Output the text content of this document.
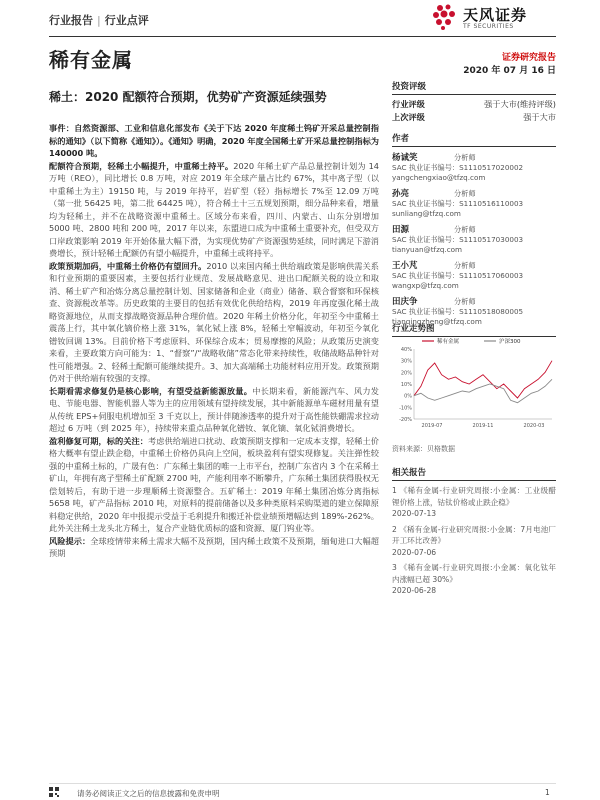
行业报告 | 行业点评	天风证券
TF SECURITIES
稀有金属	证券研究报告
2020 年 07 月 16 日
稀土：2020 配额符合预期，优势矿产资源延续强势

事件：自然资源部、工业和信息化部发布《关于下达 2020 年度稀土钨矿开采总量控制指标的通知》（以下简称《通知》）。《通知》明确，2020 年度全国稀土矿开采总量控制指标为 140000 吨。

配额符合预期，轻稀土小幅提升，中重稀土持平。2020 年稀土矿产品总量控制计划为 14 万吨（REO），同比增长 0.8 万吨，对应 2019 年全球产量占比约 67%，其中离子型（以中重稀土为主）19150 吨，与 2019 年持平，岩矿型（轻）指标增长 7%至 12.09 万吨（第一批 56425 吨，第二批 64425 吨），符合稀土十三五规划预期，细分品种来看，增量均为轻稀土，并不在战略资源中重稀土。区域分布来看，四川、内蒙古、山东分别增加 5000 吨、2800 吨和 200 吨，2017 年以来，东盟进口成为中重稀土重要补充，但受双方口岸政策影响 2019 年开始体量大幅下滑，为实现优势矿产资源强势延续，同时满足下游消费增长，预计轻稀土配额仍有望小幅提升，中重稀土或将持平。

政策预期加码，中重稀土价格仍有望回升。2010 以来国内稀土供给端政策是影响供需关系和行业预期的重要因素，主要包括行业规范、发展战略意见、进出口配额关税的设立和取消、稀土矿产和冶炼分离总量控制计划、国家储备和企业（商业）储备、联合督察和环保核查、资源税改革等。历史政策的主要目的包括有效优化供给结构，2019 年再度强化稀土战略资源地位，从而支撑战略资源品种合理价值。2020 年稀土价格分化，年初至今中重稀土震荡上行，其中氧化镝价格上涨 31%，氧化铽上涨 8%，轻稀土窄幅波动，年初至今氧化镨钕回调 13%。目前价格下考虑原料、环保综合成本；贸易摩擦的风险；从政策历史演变来看，主要政策方向可能为：1、“督察”/“战略收储”常态化带来持续性，收储战略品种针对性可能增强。2、轻稀土配额可能继续提升。3、加大高端稀土功能材料应用开发。政策预期仍对于供给端有较强的支撑。

长期看需求修复仍是核心影响，有望受益新能源放量。中长期来看，新能源汽车、风力发电、节能电器、智能机器人等为主的应用领域有望持续发展，其中新能源单车磁材用量有望从传统 EPS+伺服电机增加至 3 千克以上，预计伴随渗透率的提升对于高性能铁硼需求拉动超过 6 万吨（到 2025 年），持续带来重点品种氧化镨钕、氧化镝、氧化铽消费增长。

盈利修复可期，标的关注：考虑供给端进口扰动、政策预期支撑和一定成本支撑，轻稀土价格大概率有望止跌企稳，中重稀土价格仍具向上空间，板块盈利有望实现修复。关注弹性较强的中重稀土标的，广晟有色：广东稀土集团的唯一上市平台，控制广东省内 3 个在采稀土矿山，年拥有离子型稀土矿配额 2700 吨，产能利用率不断攀升，广东稀土集团获得股权无偿划转后，有助于进一步理顺稀土资源整合。五矿稀土：2019 年稀土集团冶炼分离指标 5658 吨，矿产品指标 2010 吨，对原料的提前储备以及多种类原料采购渠道的建立保障原料稳定供给，2020 年中报提示受益于毛利提升和搬迁补偿业绩预增幅达到 189%-262%。此外关注稀土龙头北方稀土，复合产业链优质标的盛和资源、厦门钨业等。

风险提示：全球疫情带来稀土需求大幅不及预期，国内稀土政策不及预期，缅甸进口大幅超预期

投资评级
行业评级	强于大市(维持评级)
上次评级	强于大市
作者
杨诚笑	分析师
SAC 执业证书编号：S1110517020002
yangchengxiao@tfzq.com
孙亮	分析师
SAC 执业证书编号：S1110516110003
sunliang@tfzq.com
田源	分析师
SAC 执业证书编号：S1110517030003
tianyuan@tfzq.com
王小芃	分析师
SAC 执业证书编号：S1110517060003
wangxp@tfzq.com
田庆争	分析师
SAC 执业证书编号：S1110518080005
tianqingzheng@tfzq.com
行业走势图
40%
30%
20%
10%
0%
-10%
-20%
2019-07	2019-11	2020-03
稀有金属	沪深300
资料来源：贝格数据
相关报告
1 《稀有金属-行业研究周报:小金属：工业级醋锂价格上涨，钴钛价格或止跌企稳》
2020-07-13
2 《稀有金属-行业研究周报:小金属：7月电池厂开工环比改善》
2020-07-06
3 《稀有金属-行业研究周报:小金属：氧化钛年内涨幅已超 30%》
2020-06-28
请务必阅读正文之后的信息披露和免责申明	1
